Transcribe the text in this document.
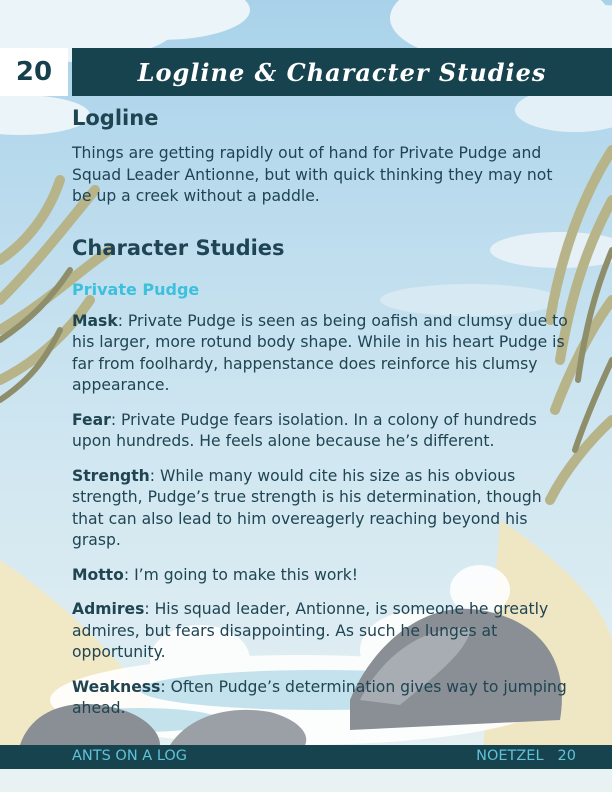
20	Logline & Character Studies
Logline

Things are getting rapidly out of hand for Private Pudge and Squad Leader Antionne, but with quick thinking they may not be up a creek without a paddle.

Character Studies
Private Pudge

Mask: Private Pudge is seen as being oafish and clumsy due to his larger, more rotund body shape. While in his heart Pudge is far from foolhardy, happenstance does reinforce his clumsy appearance.

Fear: Private Pudge fears isolation. In a colony of hundreds upon hundreds. He feels alone because he’s different.

Strength: While many would cite his size as his obvious strength, Pudge’s true strength is his determination, though that can also lead to him overeagerly reaching beyond his grasp.

Motto: I’m going to make this work!

Admires: His squad leader, Antionne, is someone he greatly admires, but fears disappointing. As such he lunges at opportunity.

Weakness: Often Pudge’s determination gives way to jumping ahead.

ANTS ON A LOG	NOETZEL 20
